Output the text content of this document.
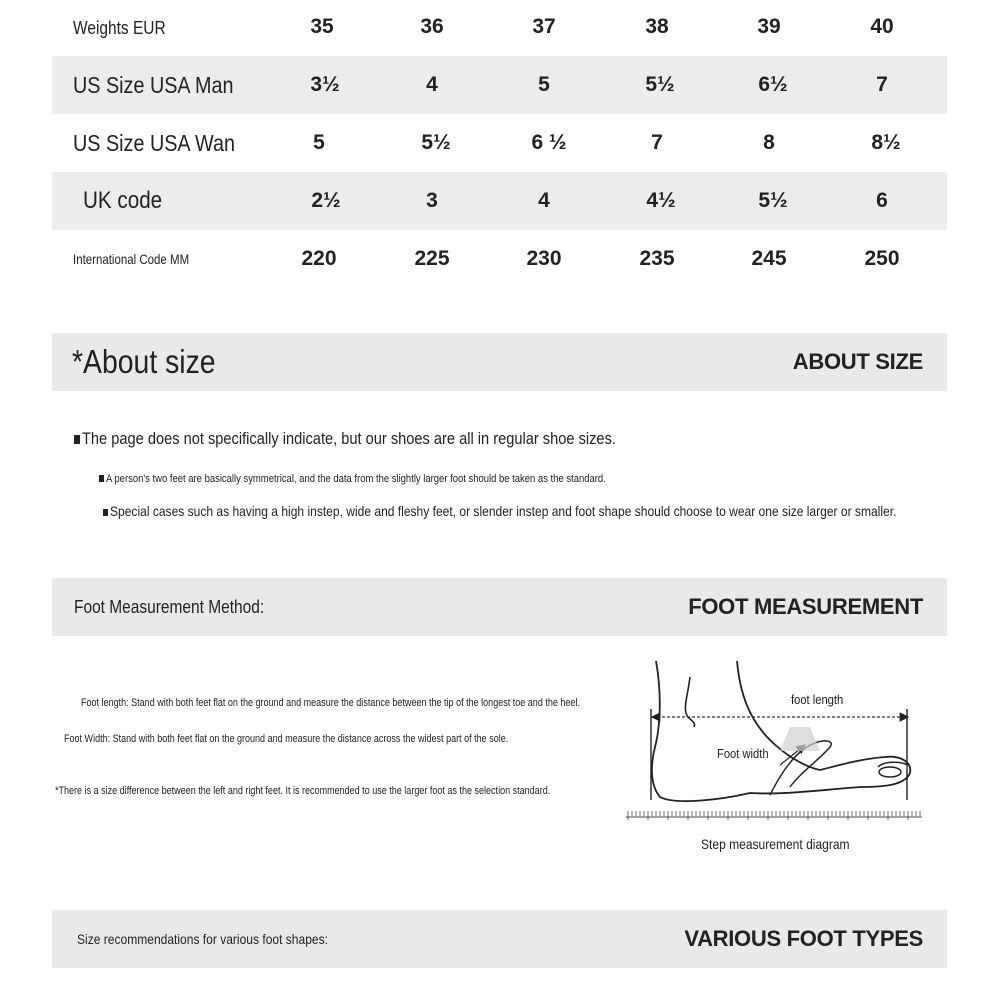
Weights EUR	35	36	37	38	39	40
US Size USA Man	3½	4	5	5½	6½	7
US Size USA Wan	5	5½	6 ½	7	8	8½
UK code	2½	3	4	4½	5½	6
International Code MM	220	225	230	235	245	250
*About size	ABOUT SIZE
The page does not specifically indicate, but our shoes are all in regular shoe sizes.
A person's two feet are basically symmetrical, and the data from the slightly larger foot should be taken as the standard.
Special cases such as having a high instep, wide and fleshy feet, or slender instep and foot shape should choose to wear one size larger or smaller.
Foot Measurement Method:	FOOT MEASUREMENT
Foot length: Stand with both feet flat on the ground and measure the distance between the tip of the longest toe and the heel.
Foot Width: Stand with both feet flat on the ground and measure the distance across the widest part of the sole.
*There is a size difference between the left and right feet. It is recommended to use the larger foot as the selection standard.
foot length
Foot width
Step measurement diagram
Size recommendations for various foot shapes:	VARIOUS FOOT TYPES
